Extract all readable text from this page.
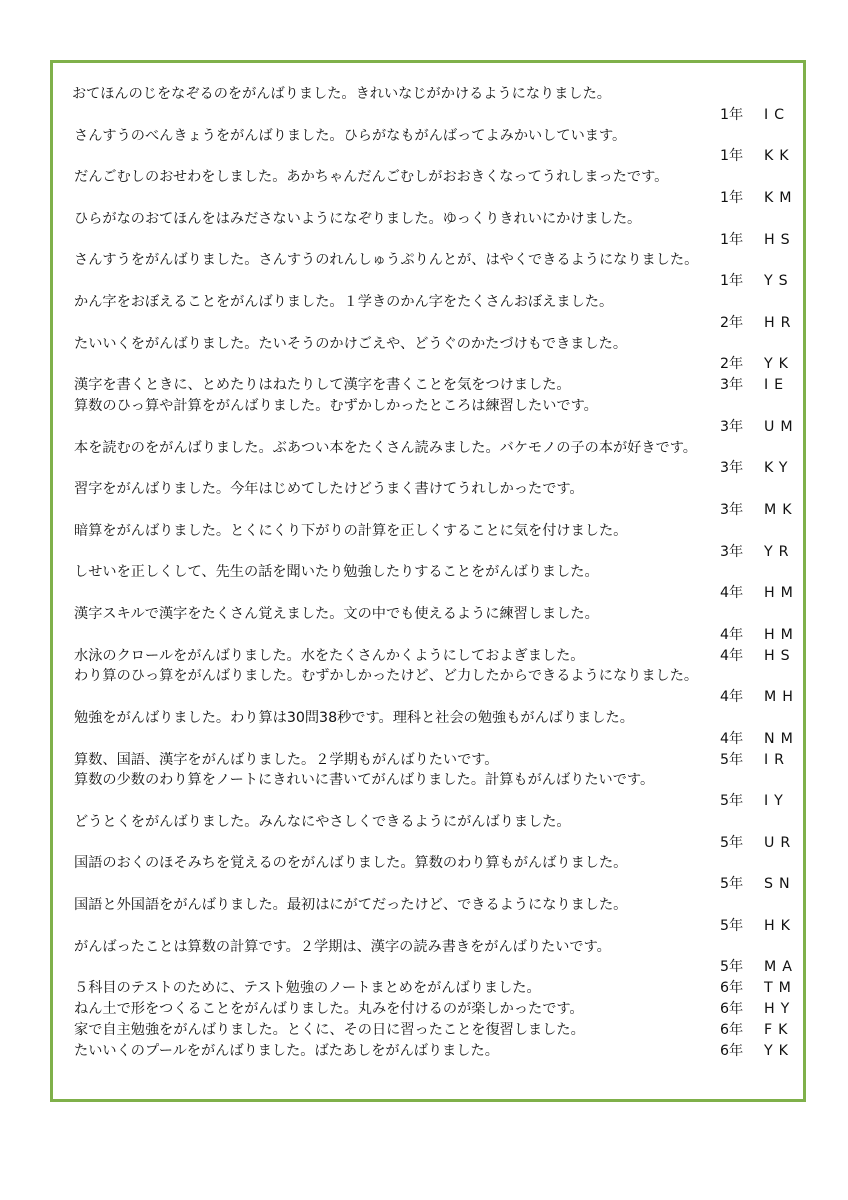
おてほんのじをなぞるのをがんばりました。きれいなじがかけるようになりました。
1年	IC
さんすうのべんきょうをがんばりました。ひらがなもがんばってよみかいしています。
1年	KK
だんごむしのおせわをしました。あかちゃんだんごむしがおおきくなってうれしまったです。
1年	KM
ひらがなのおてほんをはみださないようになぞりました。ゆっくりきれいにかけました。
1年	HS
さんすうをがんばりました。さんすうのれんしゅうぷりんとが、はやくできるようになりました。
1年	YS
かん字をおぼえることをがんばりました。１学きのかん字をたくさんおぼえました。
2年	HR
たいいくをがんばりました。たいそうのかけごえや、どうぐのかたづけもできました。
2年	YK
漢字を書くときに、とめたりはねたりして漢字を書くことを気をつけました。	3年	IE
算数のひっ算や計算をがんばりました。むずかしかったところは練習したいです。
3年	UM
本を読むのをがんばりました。ぶあつい本をたくさん読みました。バケモノの子の本が好きです。
3年	KY
習字をがんばりました。今年はじめてしたけどうまく書けてうれしかったです。
3年	MK
暗算をがんばりました。とくにくり下がりの計算を正しくすることに気を付けました。
3年	YR
しせいを正しくして、先生の話を聞いたり勉強したりすることをがんばりました。
4年	HM
漢字スキルで漢字をたくさん覚えました。文の中でも使えるように練習しました。
4年	HM
水泳のクロールをがんばりました。水をたくさんかくようにしておよぎました。	4年	HS
わり算のひっ算をがんばりました。むずかしかったけど、ど力したからできるようになりました。
4年	MH
勉強をがんばりました。わり算は30問38秒です。理科と社会の勉強もがんばりました。
4年	NM
算数、国語、漢字をがんばりました。２学期もがんばりたいです。	5年	IR
算数の少数のわり算をノートにきれいに書いてがんばりました。計算もがんばりたいです。
5年	IY
どうとくをがんばりました。みんなにやさしくできるようにがんばりました。
5年	UR
国語のおくのほそみちを覚えるのをがんばりました。算数のわり算もがんばりました。
5年	SN
国語と外国語をがんばりました。最初はにがてだったけど、できるようになりました。
5年	HK
がんばったことは算数の計算です。２学期は、漢字の読み書きをがんばりたいです。
5年	MA
５科目のテストのために、テスト勉強のノートまとめをがんばりました。	6年	TM
ねん土で形をつくることをがんばりました。丸みを付けるのが楽しかったです。	6年	HY
家で自主勉強をがんばりました。とくに、その日に習ったことを復習しました。	6年	FK
たいいくのプールをがんばりました。ばたあしをがんばりました。	6年	YK
